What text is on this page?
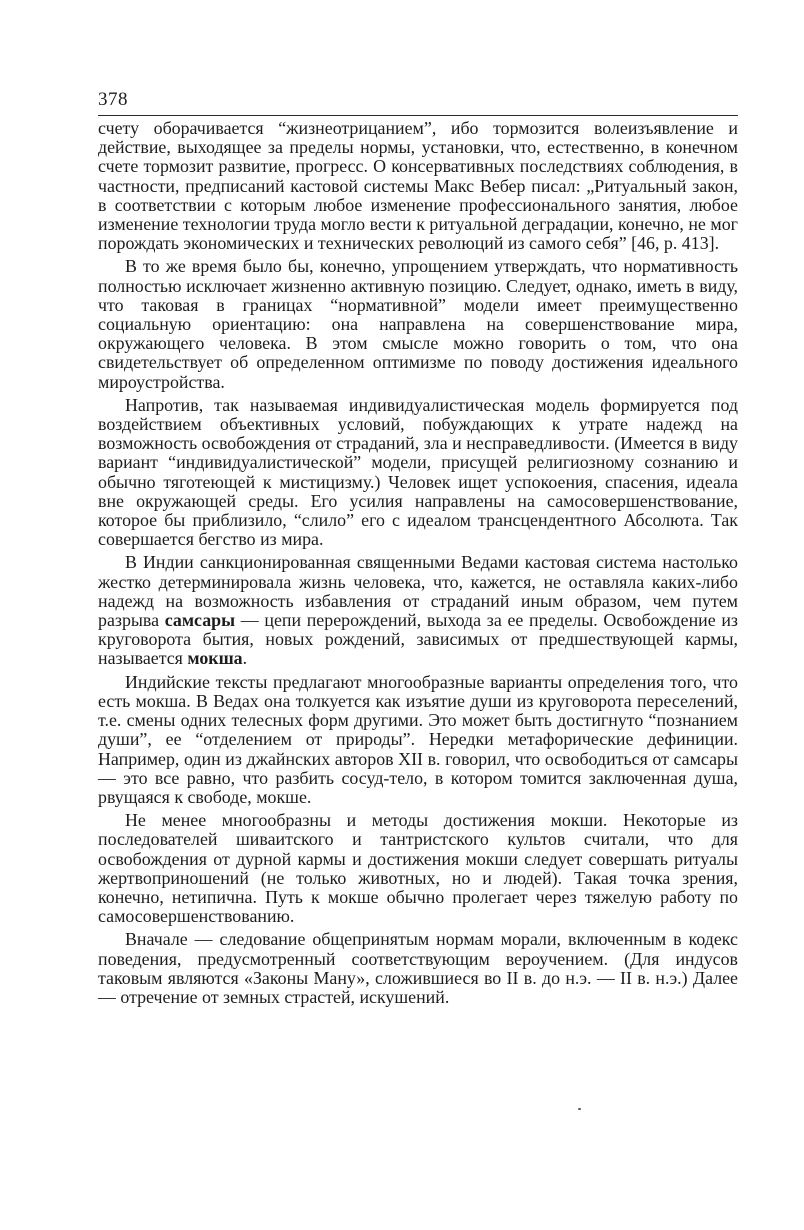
378

счету оборачивается “жизнеотрицанием”, ибо тормозится волеизъявление и действие, выходящее за пределы нормы, установки, что, естественно, в конечном счете тормозит развитие, прогресс. О консервативных последствиях соблюдения, в частности, предписаний кастовой системы Макс Вебер писал: „Ритуальный закон, в соответствии с которым любое изменение профессионального занятия, любое изменение технологии труда могло вести к ритуальной деградации, конечно, не мог порождать экономических и технических революций из самого себя” [46, р. 413].

В то же время было бы, конечно, упрощением утверждать, что нормативность полностью исключает жизненно активную позицию. Следует, однако, иметь в виду, что таковая в границах “нормативной” модели имеет преимущественно социальную ориентацию: она направлена на совершенствование мира, окружающего человека. В этом смысле можно говорить о том, что она свидетельствует об определенном оптимизме по поводу достижения идеального мироустройства.

Напротив, так называемая индивидуалистическая модель формируется под воздействием объективных условий, побуждающих к утрате надежд на возможность освобождения от страданий, зла и несправедливости. (Имеется в виду вариант “индивидуалистической” модели, присущей религиозному сознанию и обычно тяготеющей к мистицизму.) Человек ищет успокоения, спасения, идеала вне окружающей среды. Его усилия направлены на самосовершенствование, которое бы приблизило, “слило” его с идеалом трансцендентного Абсолюта. Так совершается бегство из мира.

В Индии санкционированная священными Ведами кастовая система настолько жестко детерминировала жизнь человека, что, кажется, не оставляла каких-либо надежд на возможность избавления от страданий иным образом, чем путем разрыва самсары — цепи перерождений, выхода за ее пределы. Освобождение из круговорота бытия, новых рождений, зависимых от предшествующей кармы, называется мокша.

Индийские тексты предлагают многообразные варианты определения того, что есть мокша. В Ведах она толкуется как изъятие души из круговорота переселений, т.е. смены одних телесных форм другими. Это может быть достигнуто “познанием души”, ее “отделением от природы”. Нередки метафорические дефиниции. Например, один из джайнских авторов XII в. говорил, что освободиться от самсары — это все равно, что разбить сосуд-тело, в котором томится заключенная душа, рвущаяся к свободе, мокше.

Не менее многообразны и методы достижения мокши. Некоторые из последователей шиваитского и тантристского культов считали, что для освобождения от дурной кармы и достижения мокши следует совершать ритуалы жертвоприношений (не только животных, но и людей). Такая точка зрения, конечно, нетипична. Путь к мокше обычно пролегает через тяжелую работу по самосовершенствованию.

Вначале — следование общепринятым нормам морали, включенным в кодекс поведения, предусмотренный соответствующим вероучением. (Для индусов таковым являются «Законы Ману», сложившиеся во II в. до н.э. — II в. н.э.) Далее — отречение от земных страстей, искушений.
